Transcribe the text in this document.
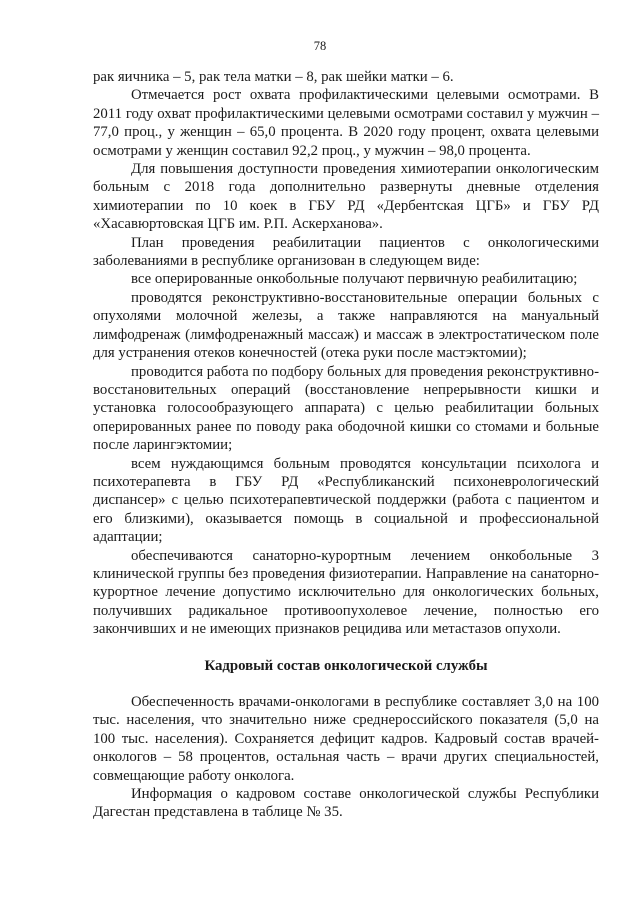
78

рак яичника – 5, рак тела матки – 8, рак шейки матки – 6.

Отмечается рост охвата профилактическими целевыми осмотрами. В 2011 году охват профилактическими целевыми осмотрами составил у мужчин – 77,0 проц., у женщин – 65,0 процента. В 2020 году процент, охвата целевыми осмотрами у женщин составил 92,2 проц., у мужчин – 98,0 процента.

Для повышения доступности проведения химиотерапии онкологическим больным с 2018 года дополнительно развернуты дневные отделения химиотерапии по 10 коек в ГБУ РД «Дербентская ЦГБ» и ГБУ РД «Хасавюртовская ЦГБ им. Р.П. Аскерханова».

План проведения реабилитации пациентов с онкологическими заболеваниями в республике организован в следующем виде:

все оперированные онкобольные получают первичную реабилитацию;

проводятся реконструктивно-восстановительные операции больных с опухолями молочной железы, а также направляются на мануальный лимфодренаж (лимфодренажный массаж) и массаж в электростатическом поле для устранения отеков конечностей (отека руки после мастэктомии);

проводится работа по подбору больных для проведения реконструктивно-восстановительных операций (восстановление непрерывности кишки и установка голосообразующего аппарата) с целью реабилитации больных оперированных ранее по поводу рака ободочной кишки со стомами и больные после ларингэктомии;

всем нуждающимся больным проводятся консультации психолога и психотерапевта в ГБУ РД «Республиканский психоневрологический диспансер» с целью психотерапевтической поддержки (работа с пациентом и его близкими), оказывается помощь в социальной и профессиональной адаптации;

обеспечиваются санаторно-курортным лечением онкобольные 3 клинической группы без проведения физиотерапии. Направление на санаторно-курортное лечение допустимо исключительно для онкологических больных, получивших радикальное противоопухолевое лечение, полностью его закончивших и не имеющих признаков рецидива или метастазов опухоли.

Кадровый состав онкологической службы

Обеспеченность врачами-онкологами в республике составляет 3,0 на 100 тыс. населения, что значительно ниже среднероссийского показателя (5,0 на 100 тыс. населения). Сохраняется дефицит кадров. Кадровый состав врачей-онкологов – 58 процентов, остальная часть – врачи других специальностей, совмещающие работу онколога.

Информация о кадровом составе онкологической службы Республики Дагестан представлена в таблице № 35.
